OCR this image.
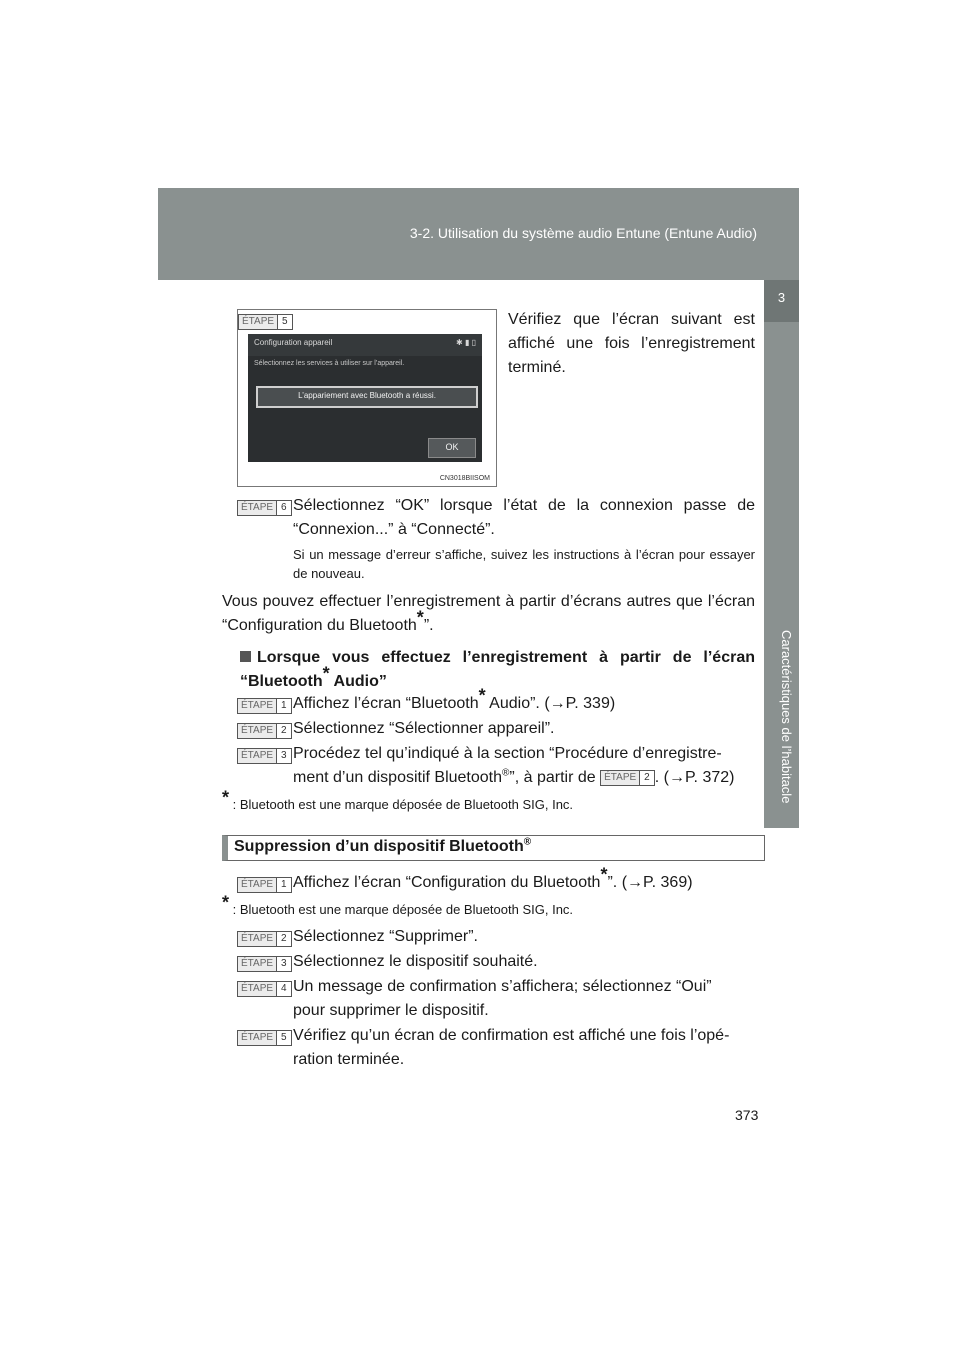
3-2. Utilisation du système audio Entune (Entune Audio)
3
Caractéristiques de l’habitacle
ÉTAPE 5
Configuration appareil	✱ ▮ ▯
Sélectionnez les services à utiliser sur l’appareil.
L’appariement avec Bluetooth a réussi.
OK
CN3018BIISOM
Vérifiez que l’écran suivant est affiché une fois l’enregistrement terminé.
ÉTAPE 6 Sélectionnez “OK” lorsque l’état de la connexion passe de “Connexion...” à “Connecté”.
Si un message d’erreur s’affiche, suivez les instructions à l’écran pour essayer de nouveau.
Vous pouvez effectuer l’enregistrement à partir d’écrans autres que l’écran “Configuration du Bluetooth*”.
Lorsque vous effectuez l’enregistrement à partir de l’écran “Bluetooth* Audio”
ÉTAPE 1 Affichez l’écran “Bluetooth* Audio”. (→P. 339)
ÉTAPE 2 Sélectionnez “Sélectionner appareil”.
ÉTAPE 3 Procédez tel qu’indiqué à la section “Procédure d’enregistre-
ment d’un dispositif Bluetooth®”, à partir de ÉTAPE 2 . (→P. 372)
* : Bluetooth est une marque déposée de Bluetooth SIG, Inc.
Suppression d’un dispositif Bluetooth®
ÉTAPE 1 Affichez l’écran “Configuration du Bluetooth*”. (→P. 369)
* : Bluetooth est une marque déposée de Bluetooth SIG, Inc.
ÉTAPE 2 Sélectionnez “Supprimer”.
ÉTAPE 3 Sélectionnez le dispositif souhaité.
ÉTAPE 4 Un message de confirmation s’affichera; sélectionnez “Oui”
pour supprimer le dispositif.
ÉTAPE 5 Vérifiez qu’un écran de confirmation est affiché une fois l’opé-
ration terminée.
373
